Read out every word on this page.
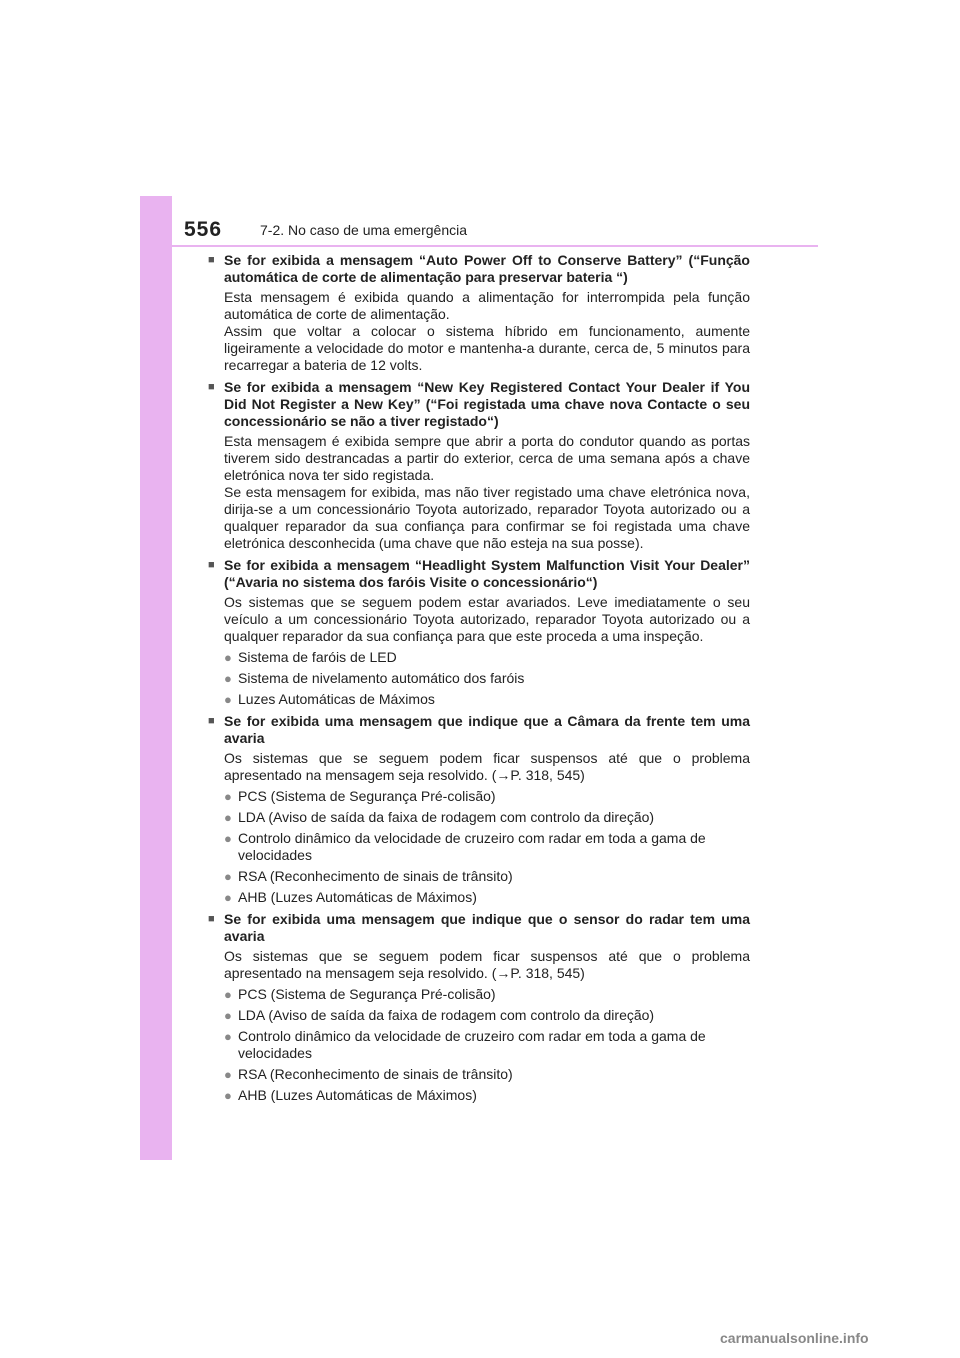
556	7-2. No caso de uma emergência
■ Se for exibida a mensagem “Auto Power Off to Conserve Battery” (“Função automática de corte de alimentação para preservar bateria “)
Esta mensagem é exibida quando a alimentação for interrompida pela função automática de corte de alimentação.
Assim que voltar a colocar o sistema híbrido em funcionamento, aumente ligeiramente a velocidade do motor e mantenha-a durante, cerca de, 5 minutos para recarregar a bateria de 12 volts.
■ Se for exibida a mensagem “New Key Registered Contact Your Dealer if You Did Not Register a New Key” (“Foi registada uma chave nova Contacte o seu concessionário se não a tiver registado“)
Esta mensagem é exibida sempre que abrir a porta do condutor quando as portas tiverem sido destrancadas a partir do exterior, cerca de uma semana após a chave eletrónica nova ter sido registada.
Se esta mensagem for exibida, mas não tiver registado uma chave eletrónica nova, dirija-se a um concessionário Toyota autorizado, reparador Toyota autorizado ou a qualquer reparador da sua confiança para confirmar se foi registada uma chave eletrónica desconhecida (uma chave que não esteja na sua posse).
■ Se for exibida a mensagem “Headlight System Malfunction Visit Your Dealer” (“Avaria no sistema dos faróis Visite o concessionário“)
Os sistemas que se seguem podem estar avariados. Leve imediatamente o seu veículo a um concessionário Toyota autorizado, reparador Toyota autorizado ou a qualquer reparador da sua confiança para que este proceda a uma inspeção.
● Sistema de faróis de LED
● Sistema de nivelamento automático dos faróis
● Luzes Automáticas de Máximos
■ Se for exibida uma mensagem que indique que a Câmara da frente tem uma avaria
Os sistemas que se seguem podem ficar suspensos até que o problema apresentado na mensagem seja resolvido. (→P. 318, 545)
● PCS (Sistema de Segurança Pré-colisão)
● LDA (Aviso de saída da faixa de rodagem com controlo da direção)
● Controlo dinâmico da velocidade de cruzeiro com radar em toda a gama de velocidades
● RSA (Reconhecimento de sinais de trânsito)
● AHB (Luzes Automáticas de Máximos)
■ Se for exibida uma mensagem que indique que o sensor do radar tem uma avaria
Os sistemas que se seguem podem ficar suspensos até que o problema apresentado na mensagem seja resolvido. (→P. 318, 545)
● PCS (Sistema de Segurança Pré-colisão)
● LDA (Aviso de saída da faixa de rodagem com controlo da direção)
● Controlo dinâmico da velocidade de cruzeiro com radar em toda a gama de velocidades
● RSA (Reconhecimento de sinais de trânsito)
● AHB (Luzes Automáticas de Máximos)
carmanualsonline.info
